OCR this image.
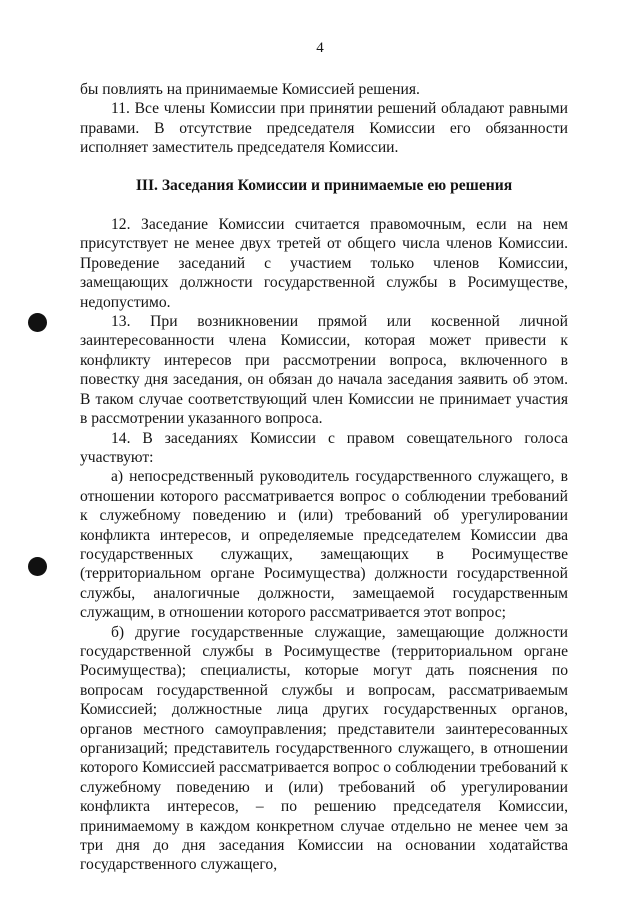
4

бы повлиять на принимаемые Комиссией решения.

11. Все члены Комиссии при принятии решений обладают равными правами. В отсутствие председателя Комиссии его обязанности исполняет заместитель председателя Комиссии.

III. Заседания Комиссии и принимаемые ею решения

12. Заседание Комиссии считается правомочным, если на нем присутствует не менее двух третей от общего числа членов Комиссии. Проведение заседаний с участием только членов Комиссии, замещающих должности государственной службы в Росимуществе, недопустимо.

13. При возникновении прямой или косвенной личной заинтересованности члена Комиссии, которая может привести к конфликту интересов при рассмотрении вопроса, включенного в повестку дня заседания, он обязан до начала заседания заявить об этом. В таком случае соответствующий член Комиссии не принимает участия в рассмотрении указанного вопроса.

14. В заседаниях Комиссии с правом совещательного голоса участвуют:

а) непосредственный руководитель государственного служащего, в отношении которого рассматривается вопрос о соблюдении требований к служебному поведению и (или) требований об урегулировании конфликта интересов, и определяемые председателем Комиссии два государственных служащих, замещающих в Росимуществе (территориальном органе Росимущества) должности государственной службы, аналогичные должности, замещаемой государственным служащим, в отношении которого рассматривается этот вопрос;

б) другие государственные служащие, замещающие должности государственной службы в Росимуществе (территориальном органе Росимущества); специалисты, которые могут дать пояснения по вопросам государственной службы и вопросам, рассматриваемым Комиссией; должностные лица других государственных органов, органов местного самоуправления; представители заинтересованных организаций; представитель государственного служащего, в отношении которого Комиссией рассматривается вопрос о соблюдении требований к служебному поведению и (или) требований об урегулировании конфликта интересов, – по решению председателя Комиссии, принимаемому в каждом конкретном случае отдельно не менее чем за три дня до дня заседания Комиссии на основании ходатайства государственного служащего,
